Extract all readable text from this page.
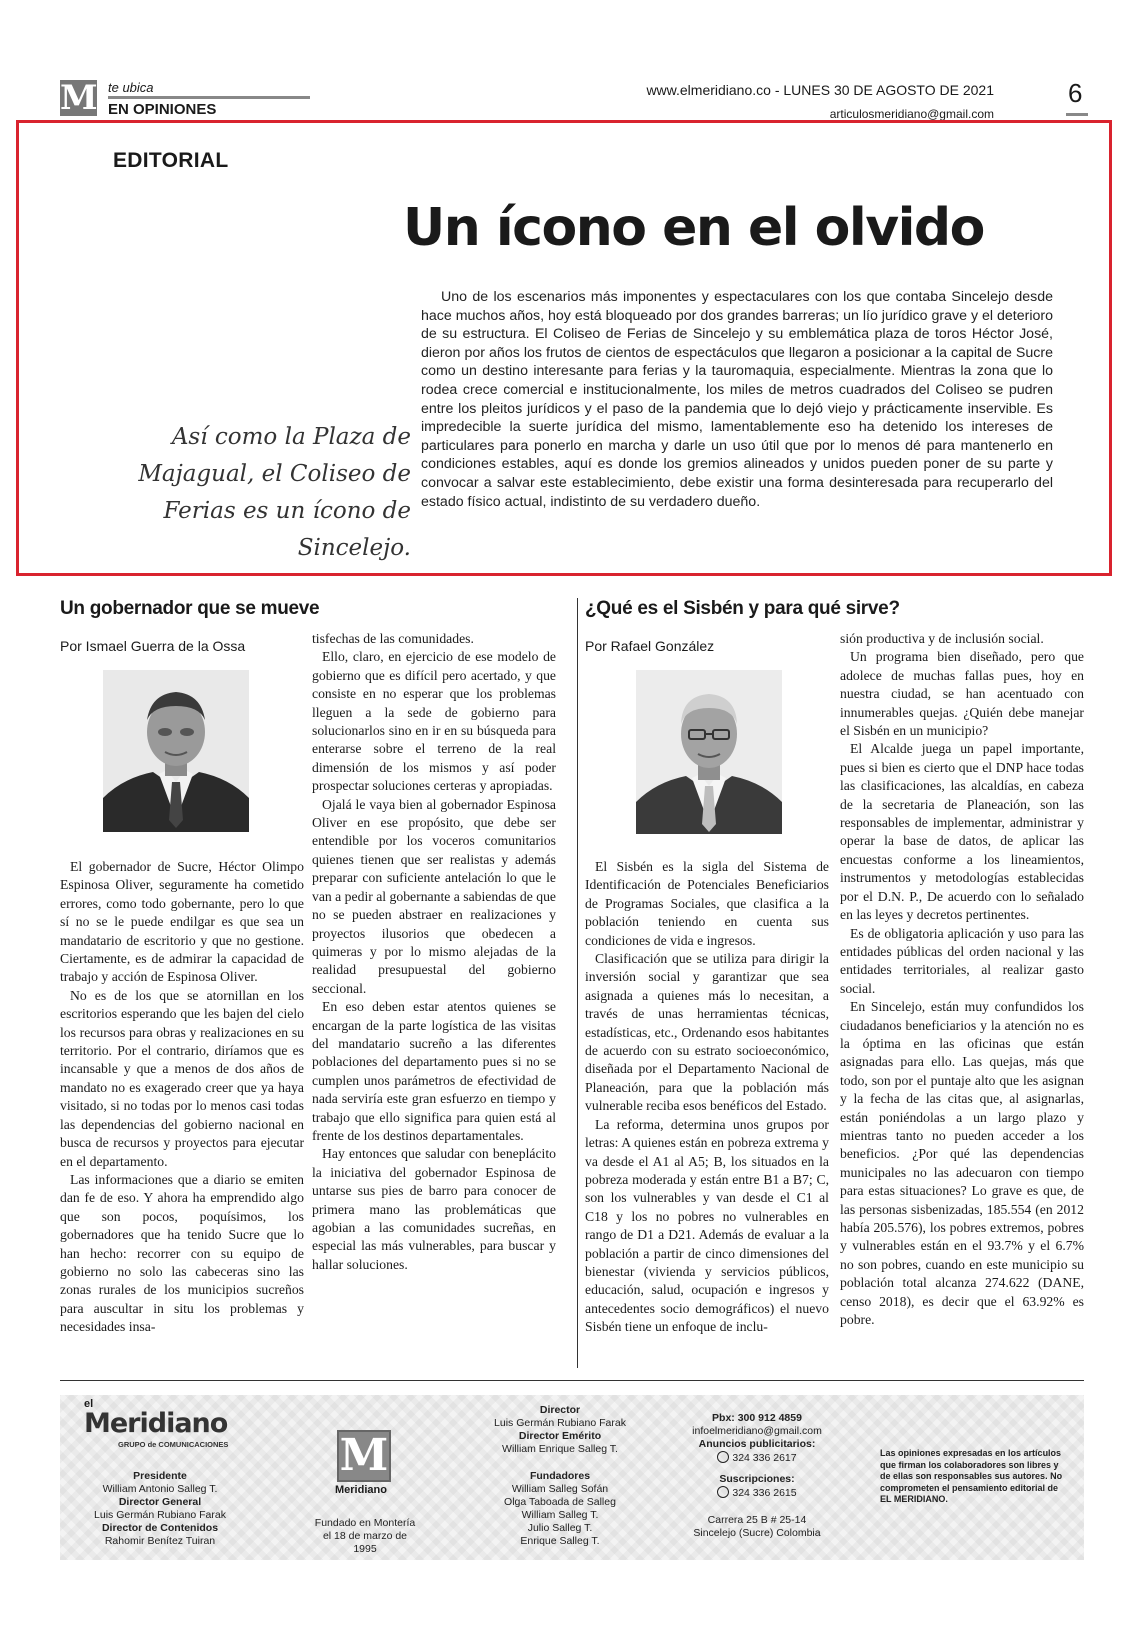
M te ubica
EN OPINIONES
www.elmeridiano.co - LUNES 30 DE AGOSTO DE 2021
articulosmeridiano@gmail.com
6
EDITORIAL
Un ícono en el olvido
Así como la Plaza de Majagual, el Coliseo de Ferias es un ícono de Sincelejo.
Uno de los escenarios más imponentes y espectaculares con los que contaba Sincelejo desde hace muchos años, hoy está bloqueado por dos grandes barreras; un lío jurídico grave y el deterioro de su estructura. El Coliseo de Ferias de Sincelejo y su emblemática plaza de toros Héctor José, dieron por años los frutos de cientos de espectáculos que llegaron a posicionar a la capital de Sucre como un destino interesante para ferias y la tauromaquia, especialmente. Mientras la zona que lo rodea crece comercial e institucionalmente, los miles de metros cuadrados del Coliseo se pudren entre los pleitos jurídicos y el paso de la pandemia que lo dejó viejo y prácticamente inservible. Es impredecible la suerte jurídica del mismo, lamentablemente eso ha detenido los intereses de particulares para ponerlo en marcha y darle un uso útil que por lo menos dé para mantenerlo en condiciones estables, aquí es donde los gremios alineados y unidos pueden poner de su parte y convocar a salvar este establecimiento, debe existir una forma desinteresada para recuperarlo del estado físico actual, indistinto de su verdadero dueño.
Un gobernador que se mueve
Por Ismael Guerra de la Ossa

El gobernador de Sucre, Héctor Olimpo Espinosa Oliver, seguramente ha cometido errores, como todo gobernante, pero lo que sí no se le puede endilgar es que sea un mandatario de escritorio y que no gestione. Ciertamente, es de admirar la capacidad de trabajo y acción de Espinosa Oliver.

No es de los que se atornillan en los escritorios esperando que les bajen del cielo los recursos para obras y realizaciones en su territorio. Por el contrario, diríamos que es incansable y que a menos de dos años de mandato no es exagerado creer que ya haya visitado, si no todas por lo menos casi todas las dependencias del gobierno nacional en busca de recursos y proyectos para ejecutar en el departamento.

Las informaciones que a diario se emiten dan fe de eso. Y ahora ha emprendido algo que son pocos, poquísimos, los gobernadores que ha tenido Sucre que lo han hecho: recorrer con su equipo de gobierno no solo las cabeceras sino las zonas rurales de los municipios sucreños para auscultar in situ los problemas y necesidades insa-

tisfechas de las comunidades.

Ello, claro, en ejercicio de ese modelo de gobierno que es difícil pero acertado, y que consiste en no esperar que los problemas lleguen a la sede de gobierno para solucionarlos sino en ir en su búsqueda para enterarse sobre el terreno de la real dimensión de los mismos y así poder prospectar soluciones certeras y apropiadas.

Ojalá le vaya bien al gobernador Espinosa Oliver en ese propósito, que debe ser entendible por los voceros comunitarios quienes tienen que ser realistas y además preparar con suficiente antelación lo que le van a pedir al gobernante a sabiendas de que no se pueden abstraer en realizaciones y proyectos ilusorios que obedecen a quimeras y por lo mismo alejadas de la realidad presupuestal del gobierno seccional.

En eso deben estar atentos quienes se encargan de la parte logística de las visitas del mandatario sucreño a las diferentes poblaciones del departamento pues si no se cumplen unos parámetros de efectividad de nada serviría este gran esfuerzo en tiempo y trabajo que ello significa para quien está al frente de los destinos departamentales.

Hay entonces que saludar con beneplácito la iniciativa del gobernador Espinosa de untarse sus pies de barro para conocer de primera mano las problemáticas que agobian a las comunidades sucreñas, en especial las más vulnerables, para buscar y hallar soluciones.

¿Qué es el Sisbén y para qué sirve?
Por Rafael González

El Sisbén es la sigla del Sistema de Identificación de Potenciales Beneficiarios de Programas Sociales, que clasifica a la población teniendo en cuenta sus condiciones de vida e ingresos.

Clasificación que se utiliza para dirigir la inversión social y garantizar que sea asignada a quienes más lo necesitan, a través de unas herramientas técnicas, estadísticas, etc., Ordenando esos habitantes de acuerdo con su estrato socioeconómico, diseñada por el Departamento Nacional de Planeación, para que la población más vulnerable reciba esos benéficos del Estado.

La reforma, determina unos grupos por letras: A quienes están en pobreza extrema y va desde el A1 al A5; B, los situados en la pobreza moderada y están entre B1 a B7; C, son los vulnerables y van desde el C1 al C18 y los no pobres no vulnerables en rango de D1 a D21. Además de evaluar a la población a partir de cinco dimensiones del bienestar (vivienda y servicios públicos, educación, salud, ocupación e ingresos y antecedentes socio demográficos) el nuevo Sisbén tiene un enfoque de inclu-

sión productiva y de inclusión social.

Un programa bien diseñado, pero que adolece de muchas fallas pues, hoy en nuestra ciudad, se han acentuado con innumerables quejas. ¿Quién debe manejar el Sisbén en un municipio?

El Alcalde juega un papel importante, pues si bien es cierto que el DNP hace todas las clasificaciones, las alcaldías, en cabeza de la secretaria de Planeación, son las responsables de implementar, administrar y operar la base de datos, de aplicar las encuestas conforme a los lineamientos, instrumentos y metodologías establecidas por el D.N. P., De acuerdo con lo señalado en las leyes y decretos pertinentes.

Es de obligatoria aplicación y uso para las entidades públicas del orden nacional y las entidades territoriales, al realizar gasto social.

En Sincelejo, están muy confundidos los ciudadanos beneficiarios y la atención no es la óptima en las oficinas que están asignadas para ello. Las quejas, más que todo, son por el puntaje alto que les asignan y la fecha de las citas que, al asignarlas, están poniéndolas a un largo plazo y mientras tanto no pueden acceder a los beneficios. ¿Por qué las dependencias municipales no las adecuaron con tiempo para estas situaciones? Lo grave es que, de las personas sisbenizadas, 185.554 (en 2012 había 205.576), los pobres extremos, pobres y vulnerables están en el 93.7% y el 6.7% no son pobres, cuando en este municipio su población total alcanza 274.622 (DANE, censo 2018), es decir que el 63.92% es pobre.

el
Meridiano
GRUPO de COMUNICACIONES
Presidente
William Antonio Salleg T.
Director General
Luis Germán Rubiano Farak
Director de Contenidos
Rahomir Benítez Tuiran
M
Meridiano
Fundado en Montería el 18 de marzo de 1995
Director
Luis Germán Rubiano Farak
Director Emérito
William Enrique Salleg T.
Fundadores
William Salleg Sofán
Olga Taboada de Salleg
William Salleg T.
Julio Salleg T.
Enrique Salleg T.
Pbx: 300 912 4859
infoelmeridiano@gmail.com
Anuncios publicitarios:
324 336 2617
Suscripciones:
324 336 2615
Carrera 25 B # 25-14
Sincelejo (Sucre) Colombia
Las opiniones expresadas en los artículos que firman los colaboradores son libres y de ellas son responsables sus autores. No comprometen el pensamiento editorial de EL MERIDIANO.
